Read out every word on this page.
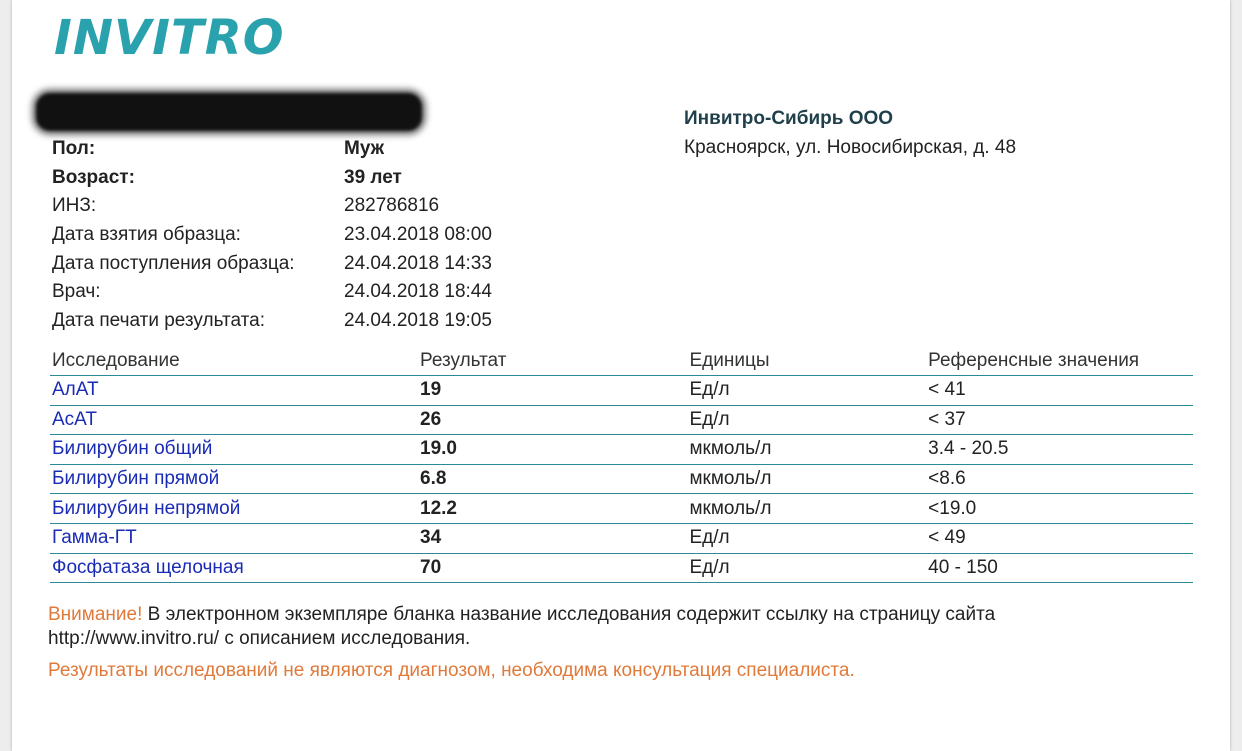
INVITRO
Пол:	Муж
Возраст:	39 лет
ИНЗ:	282786816
Дата взятия образца:	23.04.2018 08:00
Дата поступления образца:	24.04.2018 14:33
Врач:	24.04.2018 18:44
Дата печати результата:	24.04.2018 19:05
Инвитро-Сибирь ООО
Красноярск, ул. Новосибирская, д. 48
Исследование	Результат	Единицы	Референсные значения
АлАТ	19	Ед/л	< 41
АсАТ	26	Ед/л	< 37
Билирубин общий	19.0	мкмоль/л	3.4 - 20.5
Билирубин прямой	6.8	мкмоль/л	<8.6
Билирубин непрямой	12.2	мкмоль/л	<19.0
Гамма-ГТ	34	Ед/л	< 49
Фосфатаза щелочная	70	Ед/л	40 - 150
Внимание! В электронном экземпляре бланка название исследования содержит ссылку на страницу сайта
http://www.invitro.ru/ с описанием исследования.
Результаты исследований не являются диагнозом, необходима консультация специалиста.
